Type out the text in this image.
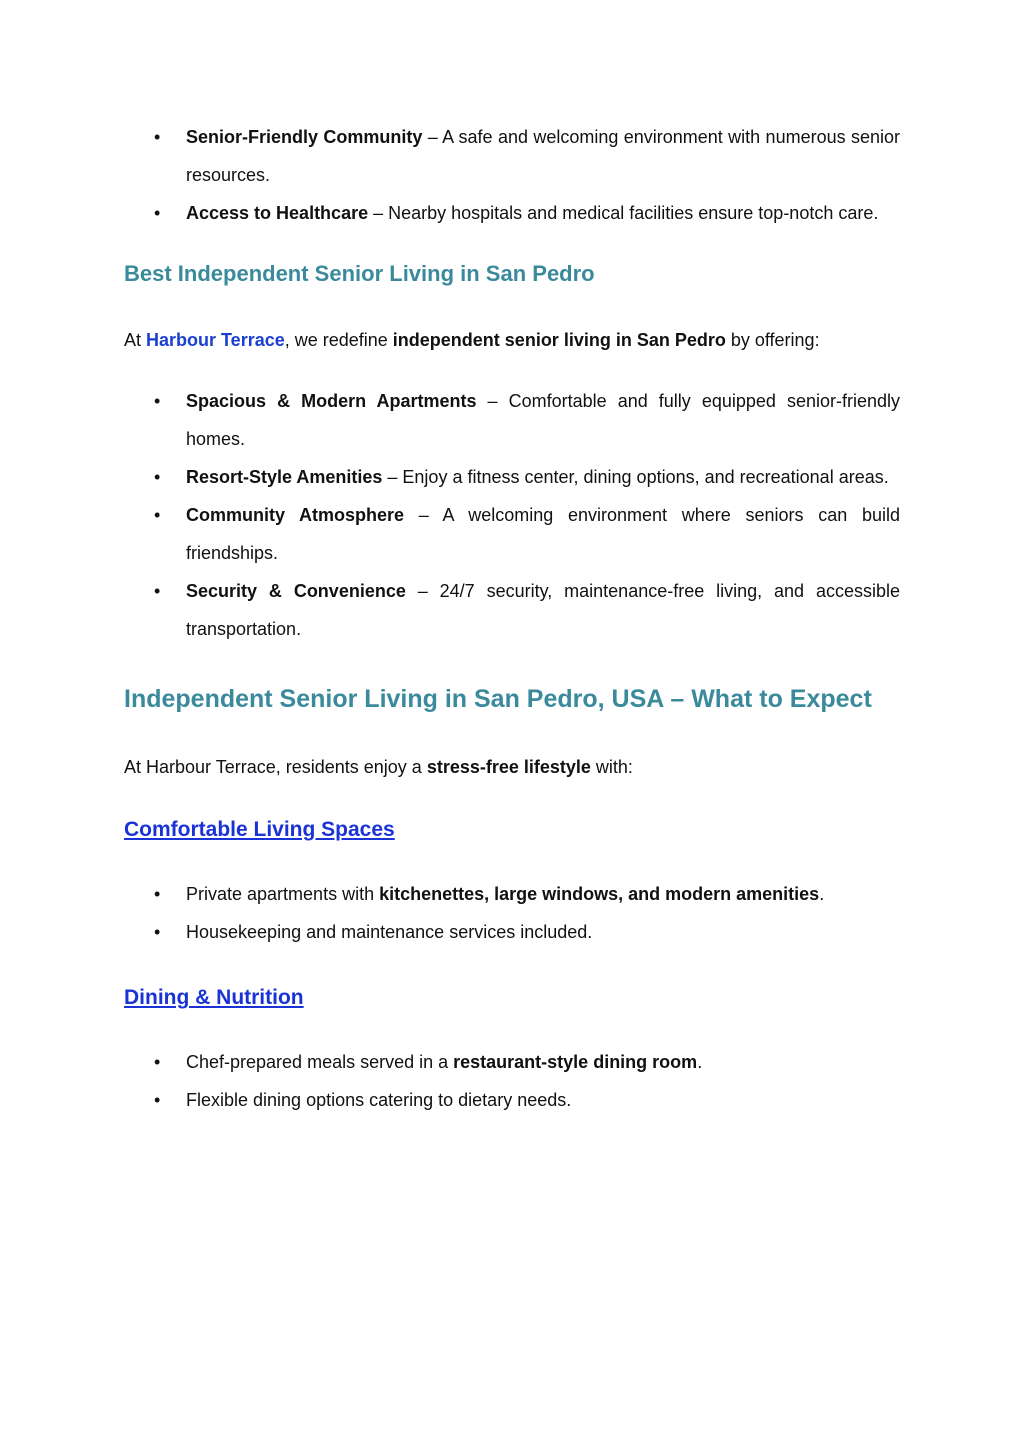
• Senior-Friendly Community – A safe and welcoming environment with numerous senior resources.
• Access to Healthcare – Nearby hospitals and medical facilities ensure top-notch care.
Best Independent Senior Living in San Pedro

At Harbour Terrace, we redefine independent senior living in San Pedro by offering:

• Spacious & Modern Apartments – Comfortable and fully equipped senior-friendly homes.
• Resort-Style Amenities – Enjoy a fitness center, dining options, and recreational areas.
• Community Atmosphere – A welcoming environment where seniors can build friendships.
• Security & Convenience – 24/7 security, maintenance-free living, and accessible transportation.
Independent Senior Living in San Pedro, USA – What to Expect

At Harbour Terrace, residents enjoy a stress-free lifestyle with:

Comfortable Living Spaces
• Private apartments with kitchenettes, large windows, and modern amenities.
• Housekeeping and maintenance services included.
Dining & Nutrition
• Chef-prepared meals served in a restaurant-style dining room.
• Flexible dining options catering to dietary needs.
